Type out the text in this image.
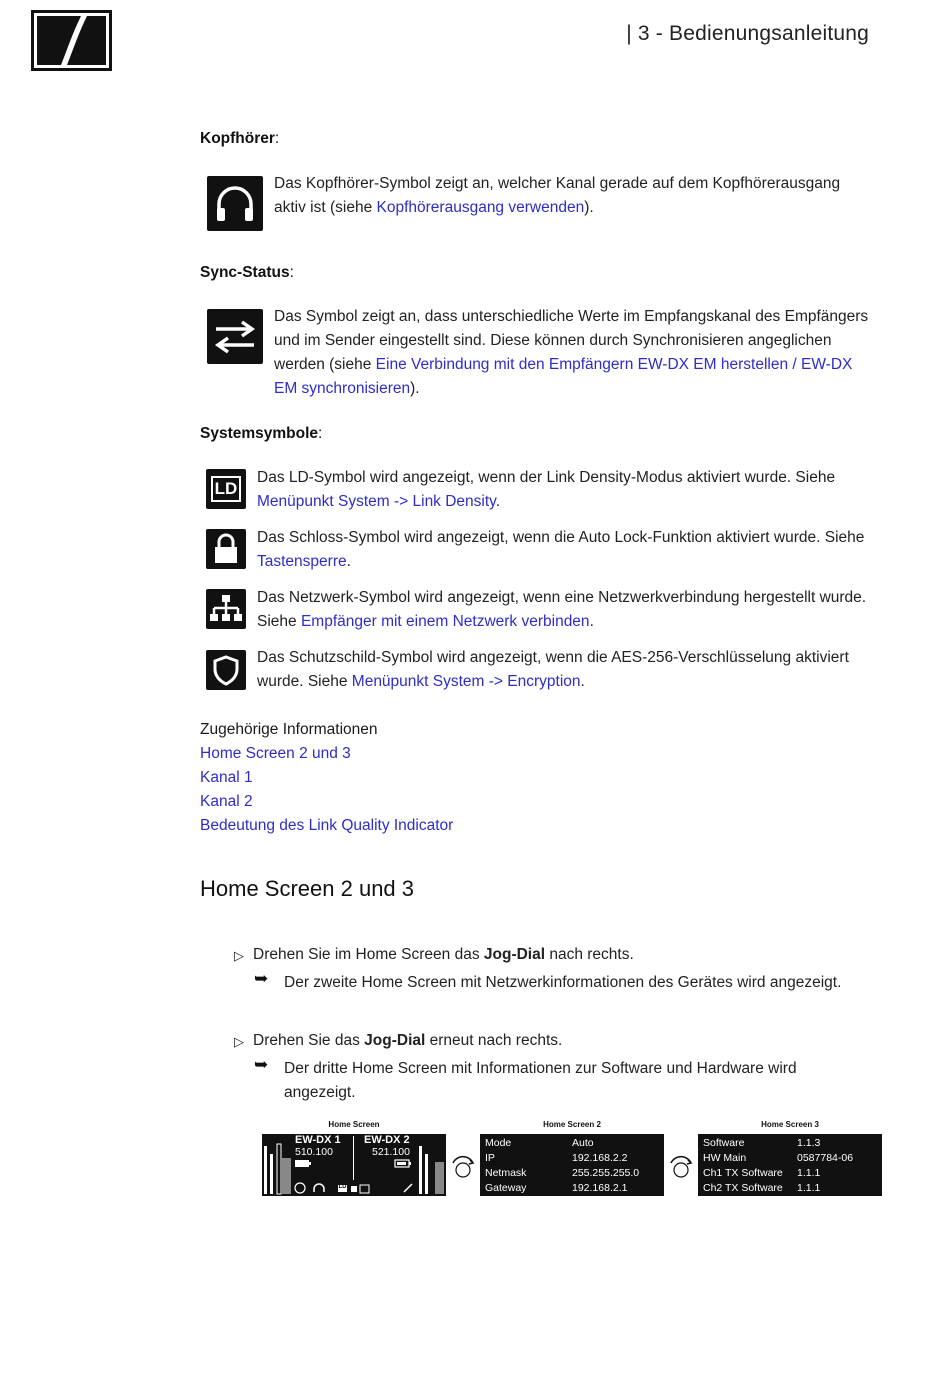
| 3 - Bedienungsanleitung
Kopfhörer:
Das Kopfhörer-Symbol zeigt an, welcher Kanal gerade auf dem Kopfhörerausgang aktiv ist (siehe Kopfhörerausgang verwenden).
Sync-Status:
Das Symbol zeigt an, dass unterschiedliche Werte im Empfangskanal des Empfängers und im Sender eingestellt sind. Diese können durch Synchronisieren angeglichen werden (siehe Eine Verbindung mit den Empfängern EW-DX EM herstellen / EW-DX EM synchronisieren).
Systemsymbole:
LD
Das LD-Symbol wird angezeigt, wenn der Link Density-Modus aktiviert wurde. Siehe Menüpunkt System -> Link Density.
Das Schloss-Symbol wird angezeigt, wenn die Auto Lock-Funktion aktiviert wurde. Siehe Tastensperre.
Das Netzwerk-Symbol wird angezeigt, wenn eine Netzwerkverbindung hergestellt wurde. Siehe Empfänger mit einem Netzwerk verbinden.
Das Schutzschild-Symbol wird angezeigt, wenn die AES-256-Verschlüsselung aktiviert wurde. Siehe Menüpunkt System -> Encryption.
Zugehörige Informationen
Home Screen 2 und 3
Kanal 1
Kanal 2
Bedeutung des Link Quality Indicator
Home Screen 2 und 3
▷ Drehen Sie im Home Screen das Jog-Dial nach rechts.
➥ Der zweite Home Screen mit Netzwerkinformationen des Gerätes wird angezeigt.
▷ Drehen Sie das Jog-Dial erneut nach rechts.
➥ Der dritte Home Screen mit Informationen zur Software und Hardware wird angezeigt.
Home Screen
EW-DX 1
510.100
EW-DX 2
521.100
LD
Home Screen 2
Mode	Auto
IP	192.168.2.2
Netmask	255.255.255.0
Gateway	192.168.2.1
Home Screen 3
Software	1.1.3
HW Main	0587784-06
Ch1 TX Software 1.1.1
Ch2 TX Software 1.1.1
